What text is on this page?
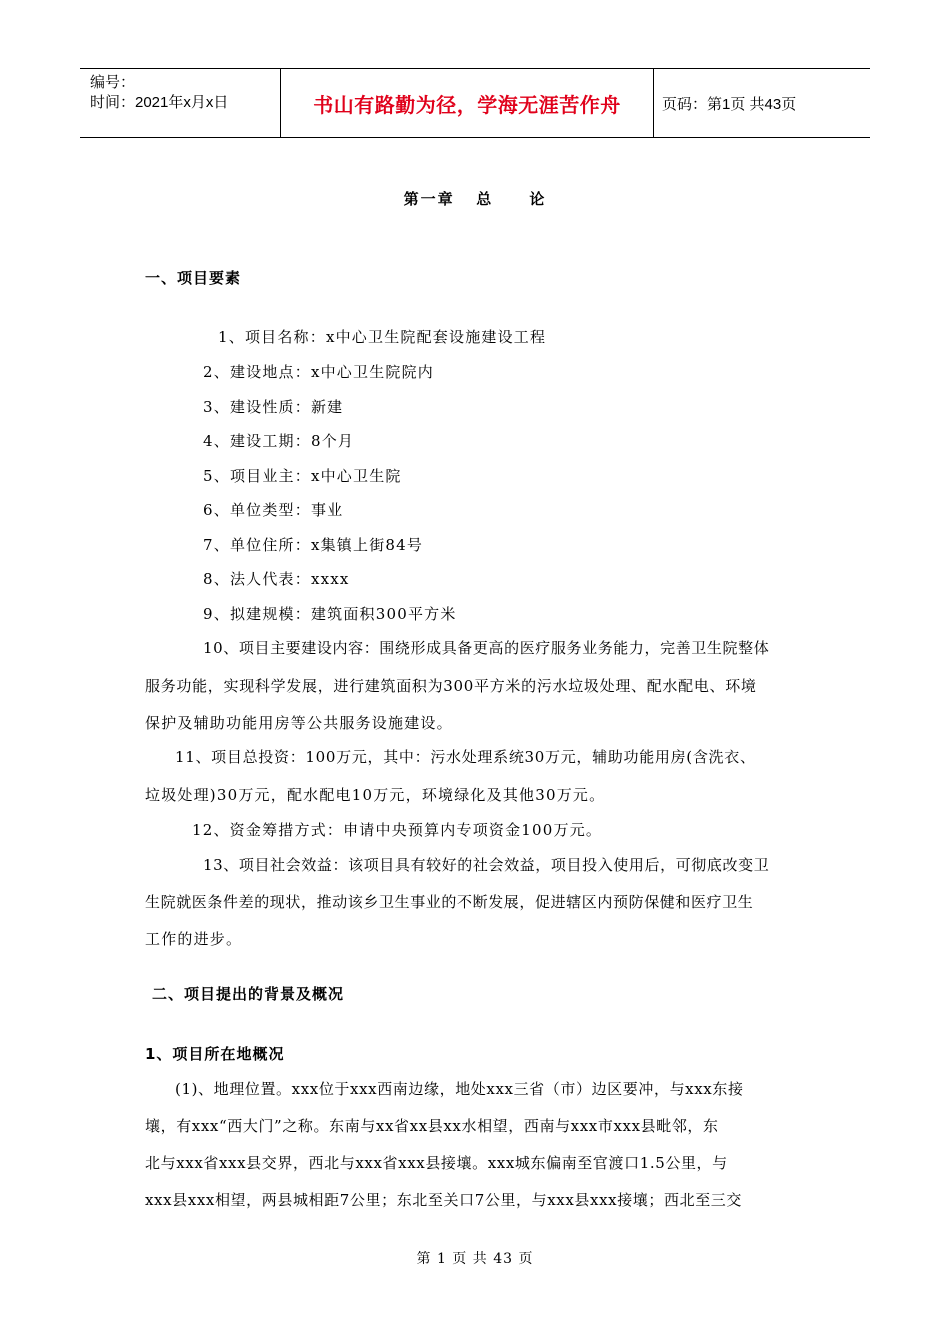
编号：
时间：2021年x月x日	书山有路勤为径，学海无涯苦作舟	页码：第1页 共43页
第一章   总     论
一、项目要素
1、项目名称：x中心卫生院配套设施建设工程
2、建设地点：x中心卫生院院内
3、建设性质：新建
4、建设工期：8个月
5、项目业主：x中心卫生院
6、单位类型：事业
7、单位住所：x集镇上街84号
8、法人代表：xxxx
9、拟建规模：建筑面积300平方米
10、项目主要建设内容：围绕形成具备更高的医疗服务业务能力，完善卫生院整体
服务功能，实现科学发展，进行建筑面积为300平方米的污水垃圾处理、配水配电、环境
保护及辅助功能用房等公共服务设施建设。
11、项目总投资：100万元，其中：污水处理系统30万元，辅助功能用房(含洗衣、
垃圾处理)30万元，配水配电10万元，环境绿化及其他30万元。
12、资金筹措方式：申请中央预算内专项资金100万元。
13、项目社会效益：该项目具有较好的社会效益，项目投入使用后，可彻底改变卫
生院就医条件差的现状，推动该乡卫生事业的不断发展，促进辖区内预防保健和医疗卫生
工作的进步。
二、项目提出的背景及概况
1、项目所在地概况
(1)、地理位置。xxx位于xxx西南边缘，地处xxx三省（市）边区要冲，与xxx东接
壤，有xxx“西大门”之称。东南与xx省xx县xx水相望，西南与xxx市xxx县毗邻，东
北与xxx省xxx县交界，西北与xxx省xxx县接壤。xxx城东偏南至官渡口1.5公里，与
xxx县xxx相望，两县城相距7公里；东北至关口7公里，与xxx县xxx接壤；西北至三交
第 1 页 共 43 页
